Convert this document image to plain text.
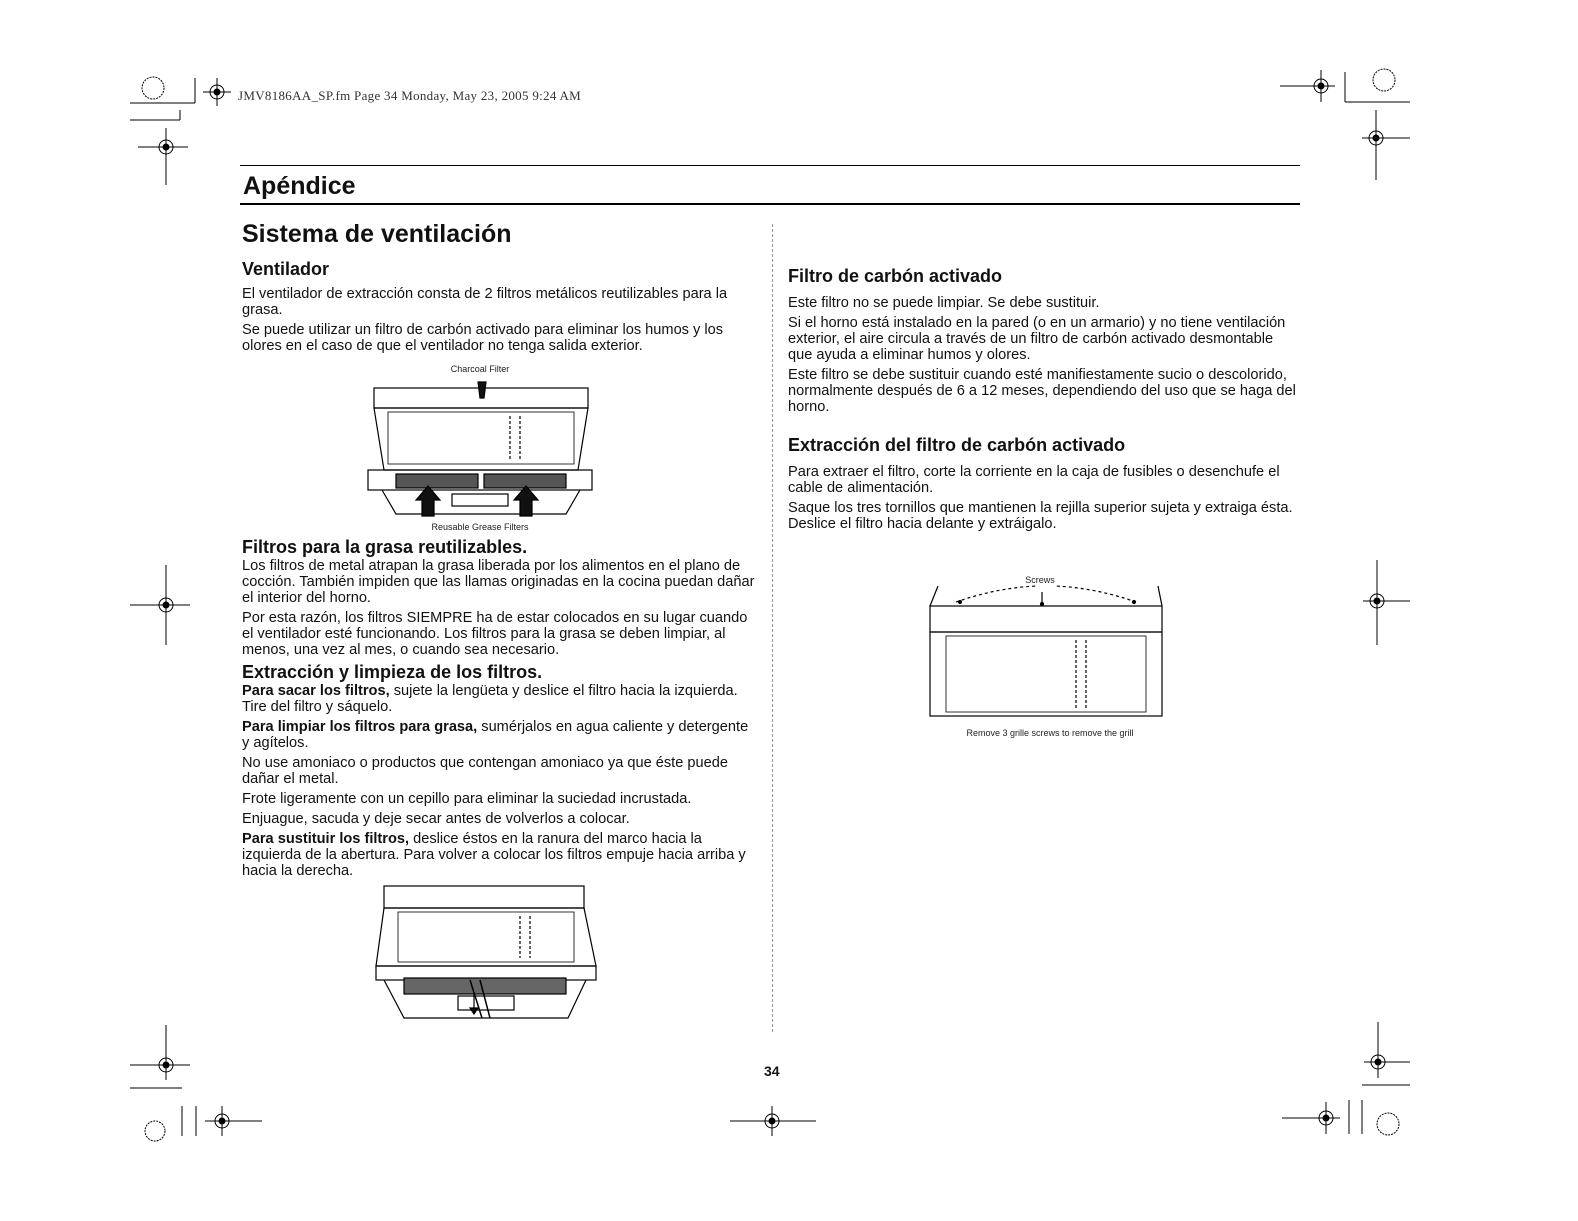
JMV8186AA_SP.fm Page 34 Monday, May 23, 2005 9:24 AM
Apéndice
Sistema de ventilación
Ventilador

El ventilador de extracción consta de 2 filtros metálicos reutilizables para la grasa.

Se puede utilizar un filtro de carbón activado para eliminar los humos y los olores en el caso de que el ventilador no tenga salida exterior.

Charcoal Filter
Reusable Grease Filters
Filtros para la grasa reutilizables.

Los filtros de metal atrapan la grasa liberada por los alimentos en el plano de cocción. También impiden que las llamas originadas en la cocina puedan dañar el interior del horno.

Por esta razón, los filtros SIEMPRE ha de estar colocados en su lugar cuando el ventilador esté funcionando. Los filtros para la grasa se deben limpiar, al menos, una vez al mes, o cuando sea necesario.

Extracción y limpieza de los filtros.

Para sacar los filtros, sujete la lengüeta y deslice el filtro hacia la izquierda. Tire del filtro y sáquelo.

Para limpiar los filtros para grasa, sumérjalos en agua caliente y detergente y agítelos.

No use amoniaco o productos que contengan amoniaco ya que éste puede dañar el metal.

Frote ligeramente con un cepillo para eliminar la suciedad incrustada.

Enjuague, sacuda y deje secar antes de volverlos a colocar.

Para sustituir los filtros, deslice éstos en la ranura del marco hacia la izquierda de la abertura. Para volver a colocar los filtros empuje hacia arriba y hacia la derecha.

Filtro de carbón activado

Este filtro no se puede limpiar. Se debe sustituir.

Si el horno está instalado en la pared (o en un armario) y no tiene ventilación exterior, el aire circula a través de un filtro de carbón activado desmontable que ayuda a eliminar humos y olores.

Este filtro se debe sustituir cuando esté manifiestamente sucio o descolorido, normalmente después de 6 a 12 meses, dependiendo del uso que se haga del horno.

Extracción del filtro de carbón activado

Para extraer el filtro, corte la corriente en la caja de fusibles o desenchufe el cable de alimentación.

Saque los tres tornillos que mantienen la rejilla superior sujeta y extraiga ésta. Deslice el filtro hacia delante y extráigalo.

Screws
Remove 3 grille screws to remove the grill
34
